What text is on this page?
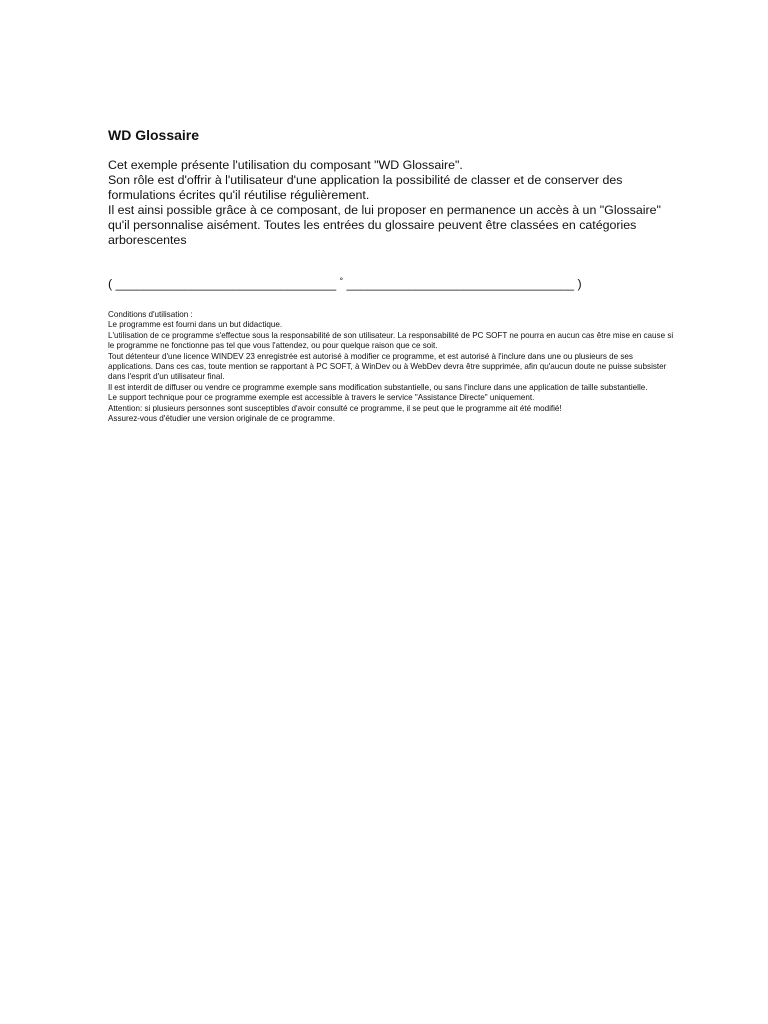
WD Glossaire
Cet exemple présente l'utilisation du composant "WD Glossaire".
Son rôle est d'offrir à l'utilisateur d'une application la possibilité de classer et de conserver des formulations écrites qu'il réutilise régulièrement.
Il est ainsi possible grâce à ce composant, de lui proposer en permanence un accès à un "Glossaire" qu'il personnalise aisément. Toutes les entrées du glossaire peuvent être classées en catégories arborescentes
( ________________________________ ° _________________________________ )
Conditions d'utilisation :
Le programme est fourni dans un but didactique.
L'utilisation de ce programme s'effectue sous la responsabilité de son utilisateur. La responsabilité de PC SOFT ne pourra en aucun cas être mise en cause si le programme ne fonctionne pas tel que vous l'attendez, ou pour quelque raison que ce soit.
Tout détenteur d'une licence WINDEV 23 enregistrée est autorisé à modifier ce programme, et est autorisé à l'inclure dans une ou plusieurs de ses applications. Dans ces cas, toute mention se rapportant à PC SOFT, à WinDev ou à WebDev devra être supprimée, afin qu'aucun doute ne puisse subsister dans l'esprit d'un utilisateur final.
Il est interdit de diffuser ou vendre ce programme exemple sans modification substantielle, ou sans l'inclure dans une application de taille substantielle.
Le support technique pour ce programme exemple est accessible à travers le service "Assistance Directe" uniquement.
Attention: si plusieurs personnes sont susceptibles d'avoir consulté ce programme, il se peut que le programme ait été modifié!
Assurez-vous d'étudier une version originale de ce programme.
